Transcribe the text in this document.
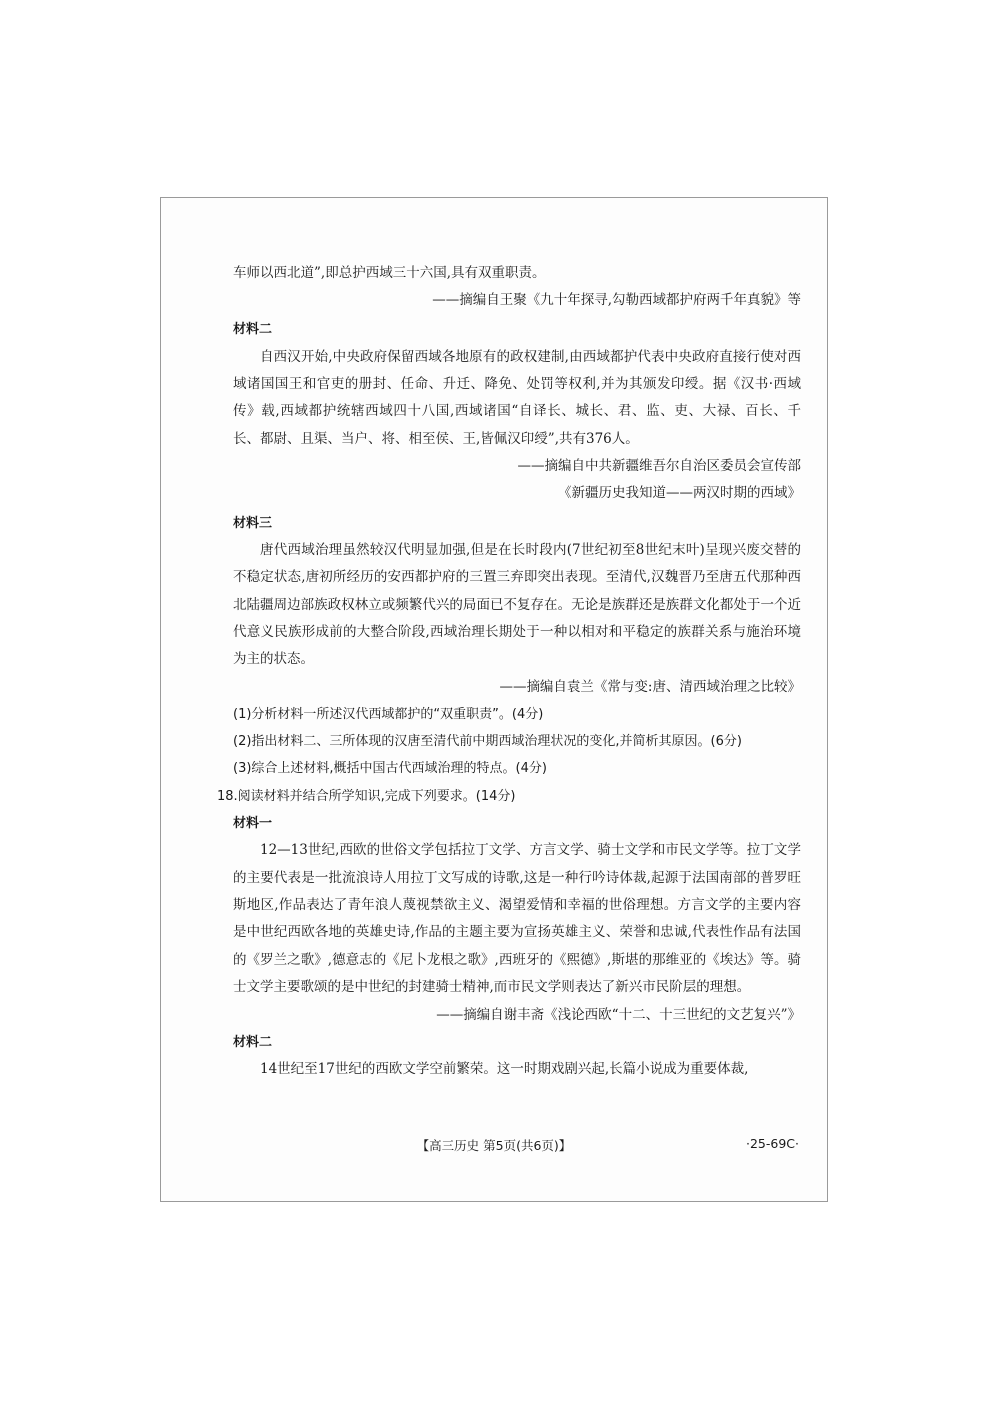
车师以西北道”,即总护西域三十六国,具有双重职责。

——摘编自王聚《九十年探寻,勾勒西域都护府两千年真貌》等

材料二

自西汉开始,中央政府保留西域各地原有的政权建制,由西域都护代表中央政府直接行使对西域诸国国王和官吏的册封、任命、升迁、降免、处罚等权利,并为其颁发印绶。据《汉书·西域传》载,西域都护统辖西域四十八国,西域诸国“自译长、城长、君、监、吏、大禄、百长、千长、都尉、且渠、当户、将、相至侯、王,皆佩汉印绶”,共有376人。

——摘编自中共新疆维吾尔自治区委员会宣传部

《新疆历史我知道——两汉时期的西域》

材料三

唐代西域治理虽然较汉代明显加强,但是在长时段内(7世纪初至8世纪末叶)呈现兴废交替的不稳定状态,唐初所经历的安西都护府的三置三弃即突出表现。至清代,汉魏晋乃至唐五代那种西北陆疆周边部族政权林立或频繁代兴的局面已不复存在。无论是族群还是族群文化都处于一个近代意义民族形成前的大整合阶段,西域治理长期处于一种以相对和平稳定的族群关系与施治环境为主的状态。

——摘编自袁兰《常与变:唐、清西域治理之比较》

(1)分析材料一所述汉代西域都护的“双重职责”。(4分)

(2)指出材料二、三所体现的汉唐至清代前中期西域治理状况的变化,并简析其原因。(6分)

(3)综合上述材料,概括中国古代西域治理的特点。(4分)

18.阅读材料并结合所学知识,完成下列要求。(14分)

材料一

12—13世纪,西欧的世俗文学包括拉丁文学、方言文学、骑士文学和市民文学等。拉丁文学的主要代表是一批流浪诗人用拉丁文写成的诗歌,这是一种行吟诗体裁,起源于法国南部的普罗旺斯地区,作品表达了青年浪人蔑视禁欲主义、渴望爱情和幸福的世俗理想。方言文学的主要内容是中世纪西欧各地的英雄史诗,作品的主题主要为宣扬英雄主义、荣誉和忠诚,代表性作品有法国的《罗兰之歌》,德意志的《尼卜龙根之歌》,西班牙的《熙德》,斯堪的那维亚的《埃达》等。骑士文学主要歌颂的是中世纪的封建骑士精神,而市民文学则表达了新兴市民阶层的理想。

——摘编自谢丰斋《浅论西欧“十二、十三世纪的文艺复兴”》

材料二

14世纪至17世纪的西欧文学空前繁荣。这一时期戏剧兴起,长篇小说成为重要体裁,

【高三历史 第5页(共6页)】	·25-69C·
